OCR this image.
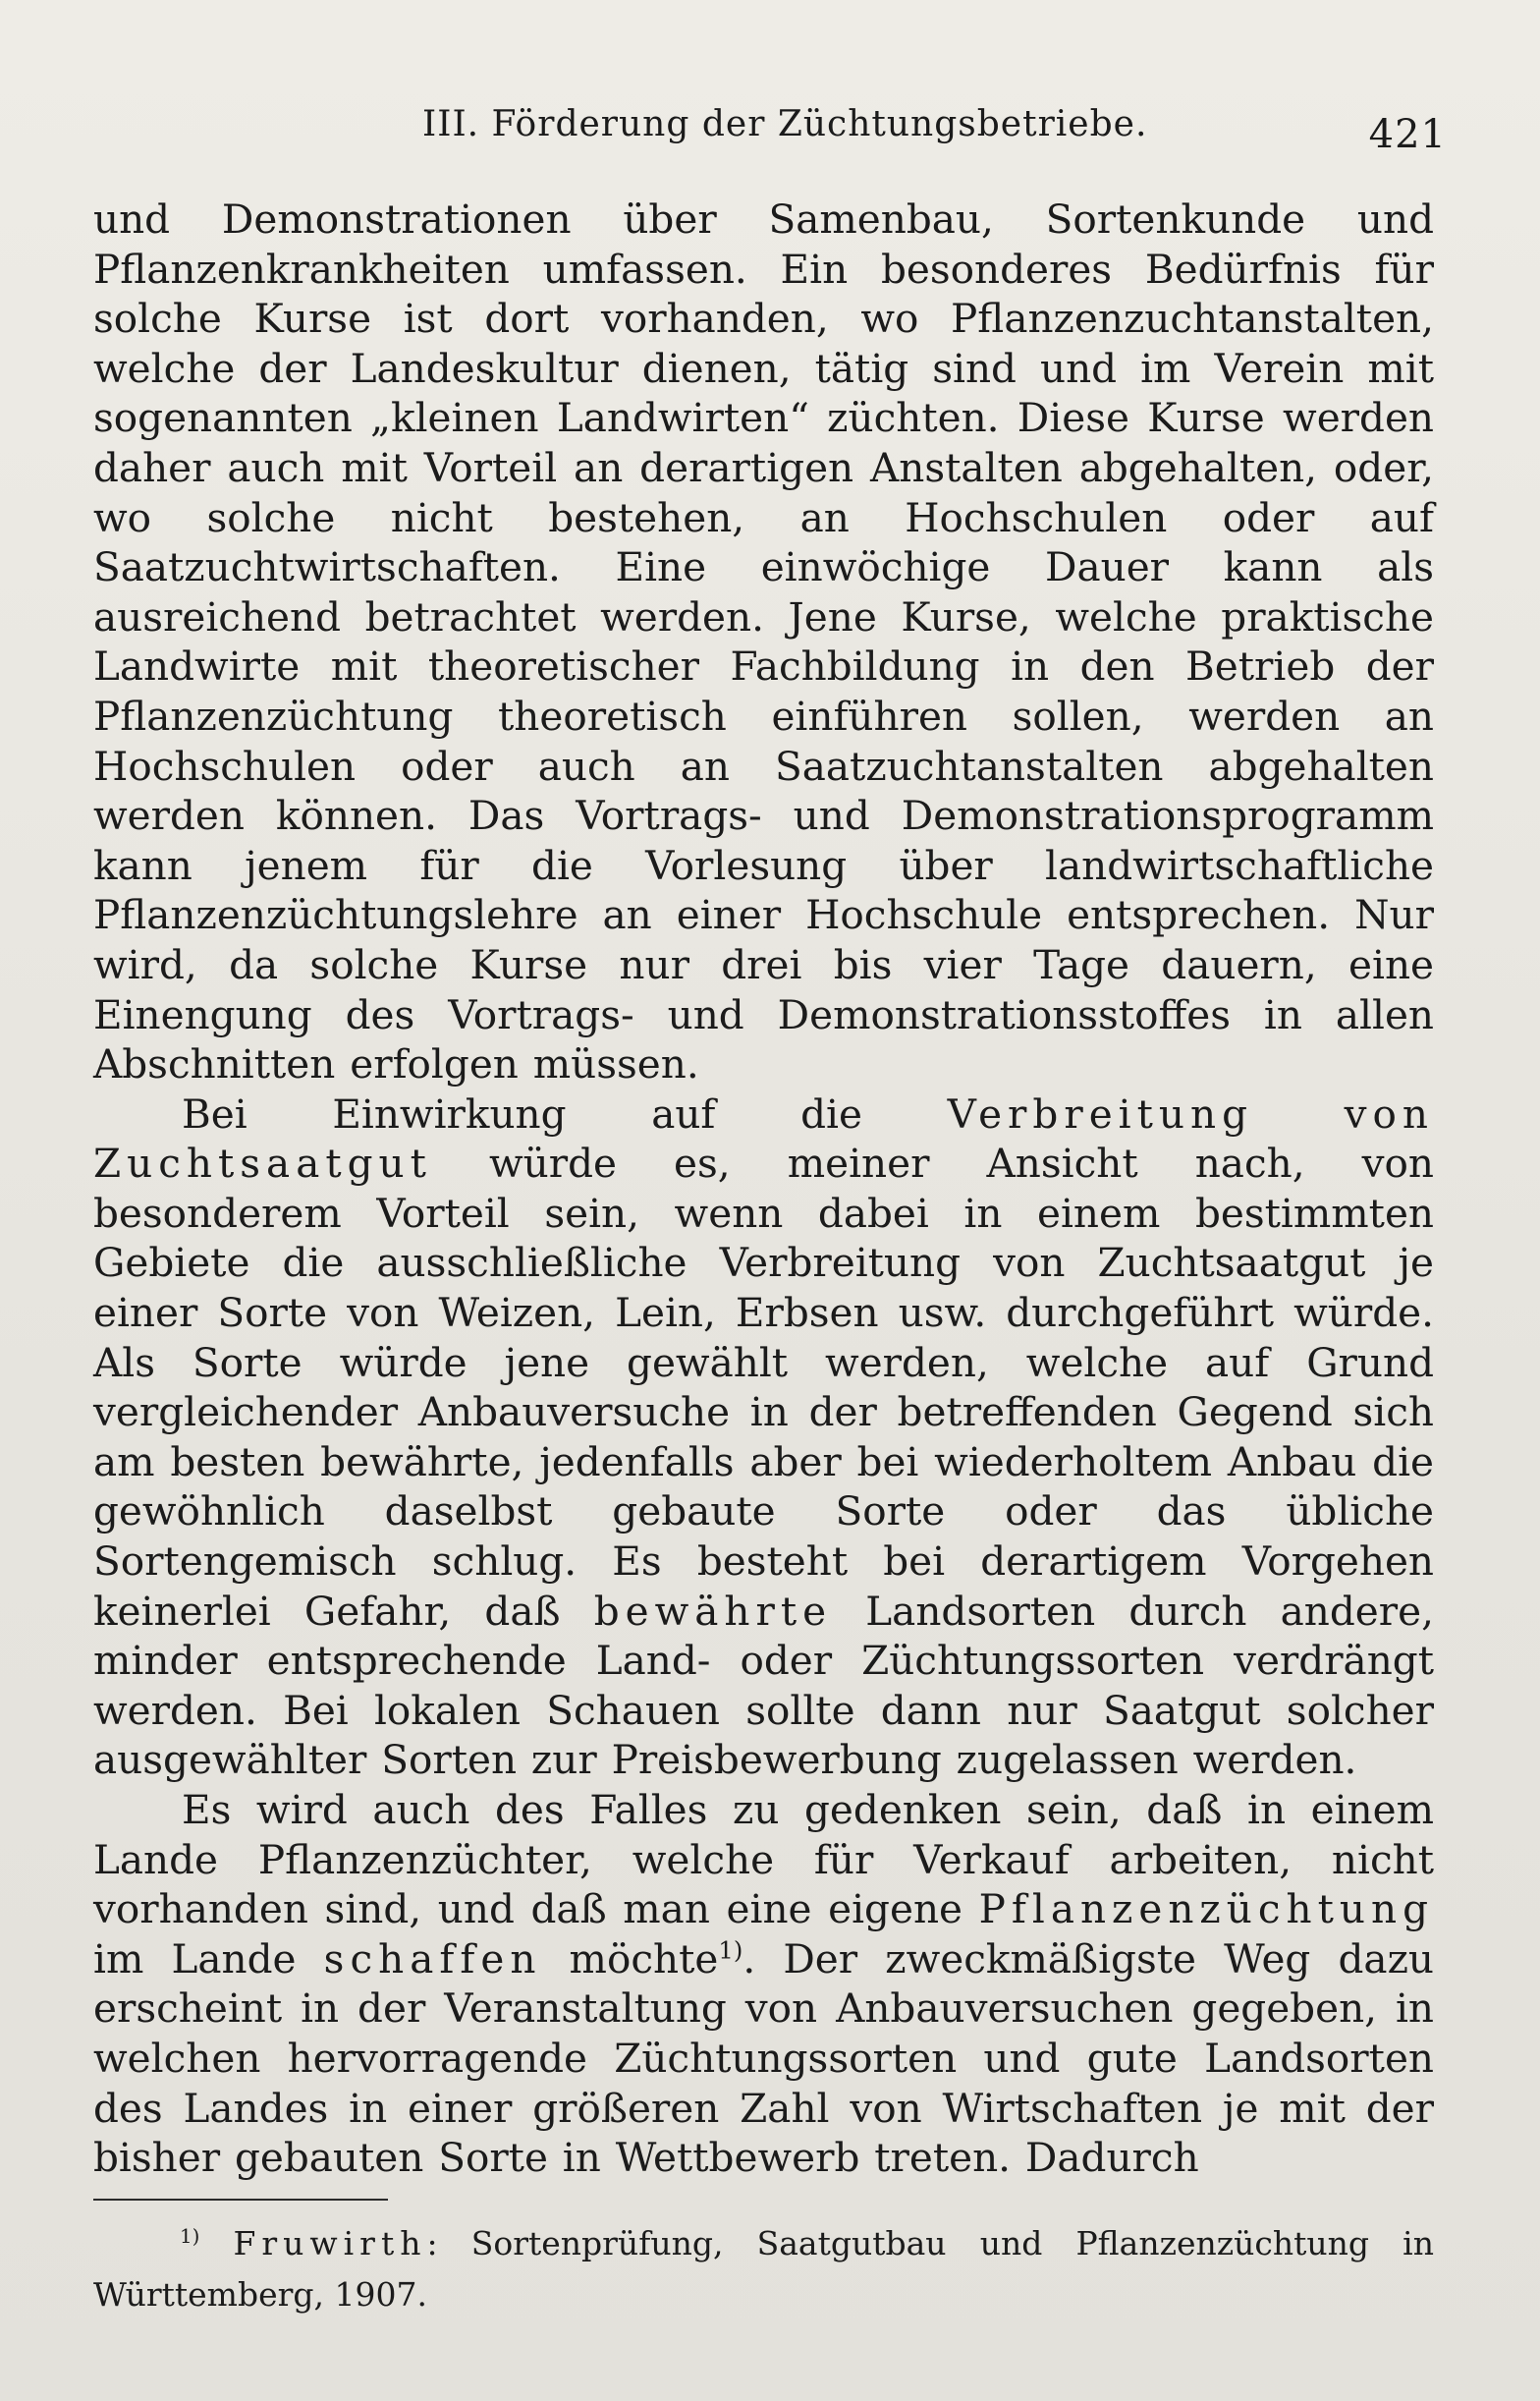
III. Förderung der Züchtungsbetriebe.	421

und Demonstrationen über Samenbau, Sortenkunde und Pflanzenkrankheiten umfassen. Ein besonderes Bedürfnis für solche Kurse ist dort vorhanden, wo Pflanzenzuchtanstalten, welche der Landeskultur dienen, tätig sind und im Verein mit sogenannten „kleinen Landwirten“ züchten. Diese Kurse werden daher auch mit Vorteil an derartigen Anstalten abgehalten, oder, wo solche nicht bestehen, an Hochschulen oder auf Saatzuchtwirtschaften. Eine einwöchige Dauer kann als ausreichend betrachtet werden. Jene Kurse, welche praktische Landwirte mit theoretischer Fachbildung in den Betrieb der Pflanzenzüchtung theoretisch einführen sollen, werden an Hochschulen oder auch an Saatzuchtanstalten abgehalten werden können. Das Vortrags- und Demonstrationsprogramm kann jenem für die Vorlesung über landwirtschaftliche Pflanzenzüchtungslehre an einer Hochschule entsprechen. Nur wird, da solche Kurse nur drei bis vier Tage dauern, eine Einengung des Vortrags- und Demonstrationsstoffes in allen Abschnitten erfolgen müssen.

Bei Einwirkung auf die Verbreitung von Zuchtsaatgut würde es, meiner Ansicht nach, von besonderem Vorteil sein, wenn dabei in einem bestimmten Gebiete die ausschließliche Verbreitung von Zuchtsaatgut je einer Sorte von Weizen, Lein, Erbsen usw. durchgeführt würde. Als Sorte würde jene gewählt werden, welche auf Grund vergleichender Anbauversuche in der betreffenden Gegend sich am besten bewährte, jedenfalls aber bei wiederholtem Anbau die gewöhnlich daselbst gebaute Sorte oder das übliche Sortengemisch schlug. Es besteht bei derartigem Vorgehen keinerlei Gefahr, daß bewährte Landsorten durch andere, minder entsprechende Land- oder Züchtungssorten verdrängt werden. Bei lokalen Schauen sollte dann nur Saatgut solcher ausgewählter Sorten zur Preisbewerbung zugelassen werden.

Es wird auch des Falles zu gedenken sein, daß in einem Lande Pflanzenzüchter, welche für Verkauf arbeiten, nicht vorhanden sind, und daß man eine eigene Pflanzenzüchtung im Lande schaffen möchte$^{1)}$. Der zweckmäßigste Weg dazu erscheint in der Veranstaltung von Anbauversuchen gegeben, in welchen hervorragende Züchtungssorten und gute Landsorten des Landes in einer größeren Zahl von Wirtschaften je mit der bisher gebauten Sorte in Wettbewerb treten. Dadurch

$^{1)}$ Fruwirth: Sortenprüfung, Saatgutbau und Pflanzenzüchtung in Württemberg, 1907.
